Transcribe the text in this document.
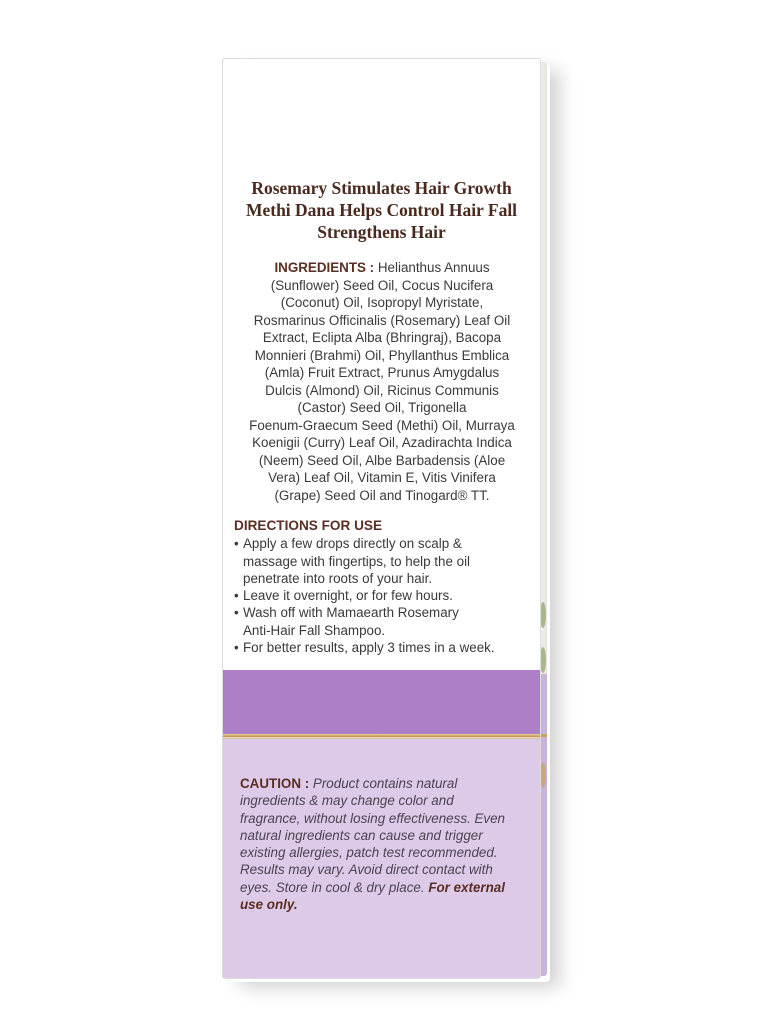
Rosemary Stimulates Hair Growth
Methi Dana Helps Control Hair Fall
Strengthens Hair
INGREDIENTS : Helianthus Annuus
(Sunflower) Seed Oil, Cocus Nucifera
(Coconut) Oil, Isopropyl Myristate,
Rosmarinus Officinalis (Rosemary) Leaf Oil
Extract, Eclipta Alba (Bhringraj), Bacopa
Monnieri (Brahmi) Oil, Phyllanthus Emblica
(Amla) Fruit Extract, Prunus Amygdalus
Dulcis (Almond) Oil, Ricinus Communis
(Castor) Seed Oil, Trigonella
Foenum-Graecum Seed (Methi) Oil, Murraya
Koenigii (Curry) Leaf Oil, Azadirachta Indica
(Neem) Seed Oil, Albe Barbadensis (Aloe
Vera) Leaf Oil, Vitamin E, Vitis Vinifera
(Grape) Seed Oil and Tinogard® TT.
DIRECTIONS FOR USE
• Apply a few drops directly on scalp &
massage with fingertips, to help the oil
penetrate into roots of your hair.
• Leave it overnight, or for few hours.
• Wash off with Mamaearth Rosemary
Anti-Hair Fall Shampoo.
• For better results, apply 3 times in a week.
CAUTION : Product contains natural
ingredients & may change color and
fragrance, without losing effectiveness. Even
natural ingredients can cause and trigger
existing allergies, patch test recommended.
Results may vary. Avoid direct contact with
eyes. Store in cool & dry place. For external
use only.
